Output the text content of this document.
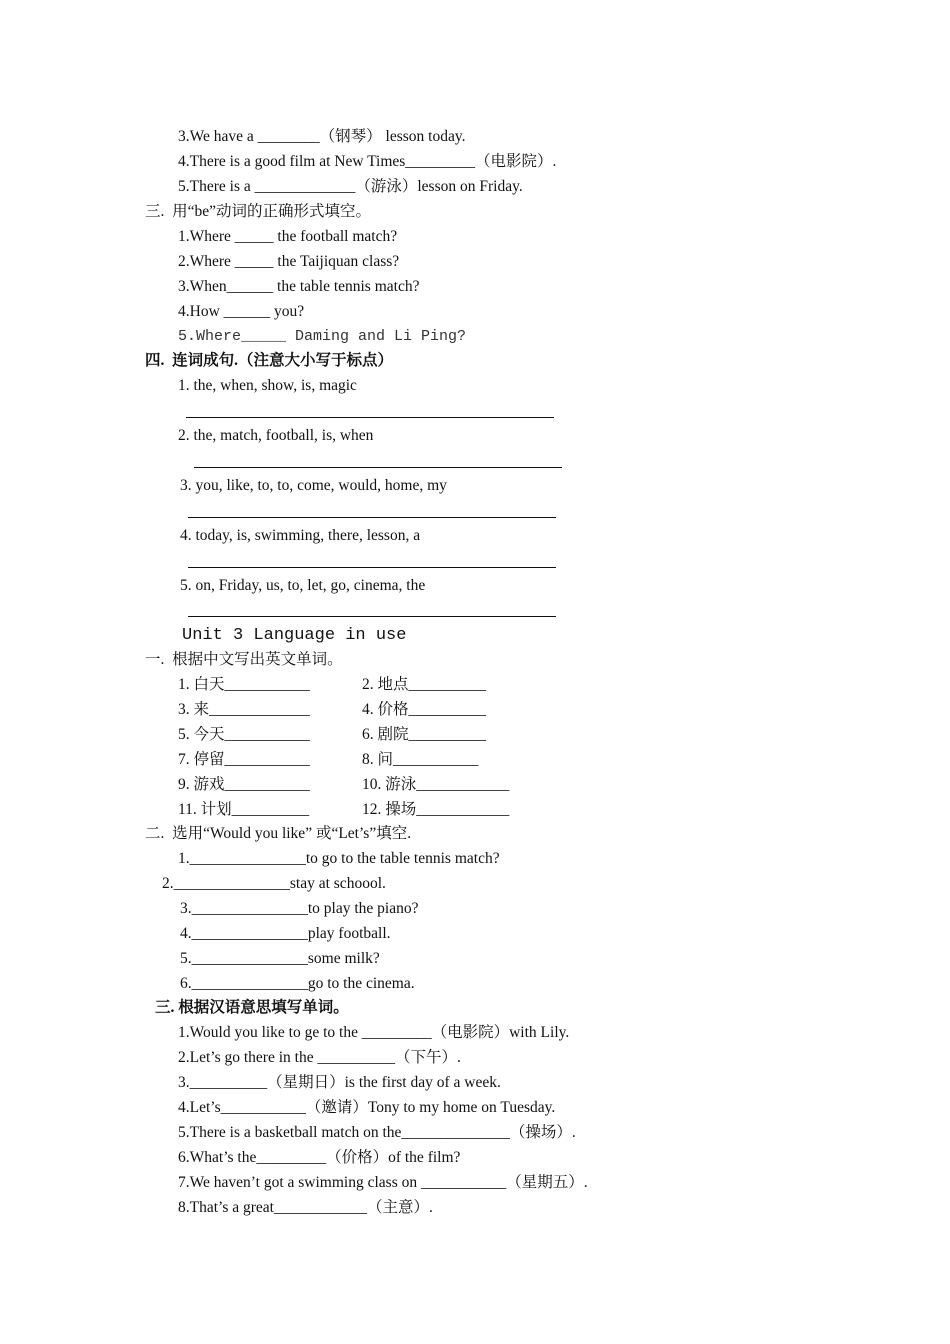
3.We have a ________（钢琴） lesson today.
4.There is a good film at New Times_________（电影院）.
5.There is a _____________（游泳）lesson on Friday.
三.  用“be”动词的正确形式填空。
1.Where _____ the football match?
2.Where _____ the Taijiquan class?
3.When______ the table tennis match?
4.How ______ you?
5.Where_____ Daming and Li Ping?
四.  连词成句.（注意大小写于标点）
1. the, when, show, is, magic
2. the, match, football, is, when
3. you, like, to, to, come, would, home, my
4. today, is, swimming, there, lesson, a
5. on, Friday, us, to, let, go, cinema, the
Unit 3 Language in use
一.  根据中文写出英文单词。
1. 白天___________	2. 地点__________
3. 来_____________	4. 价格__________
5. 今天___________	6. 剧院__________
7. 停留___________	8. 问___________
9. 游戏___________	10. 游泳____________
11. 计划__________	12. 操场____________
二.  选用“Would you like” 或“Let’s”填空.
1._______________to go to the table tennis match?
2._______________stay at schoool.
3._______________to play the piano?
4._______________play football.
5._______________some milk?
6._______________go to the cinema.
三. 根据汉语意思填写单词。
1.Would you like to ge to the _________（电影院）with Lily.
2.Let’s go there in the __________（下午）.
3.__________（星期日）is the first day of a week.
4.Let’s___________（邀请）Tony to my home on Tuesday.
5.There is a basketball match on the______________（操场）.
6.What’s the_________（价格）of the film?
7.We haven’t got a swimming class on ___________（星期五）.
8.That’s a great____________（主意）.
